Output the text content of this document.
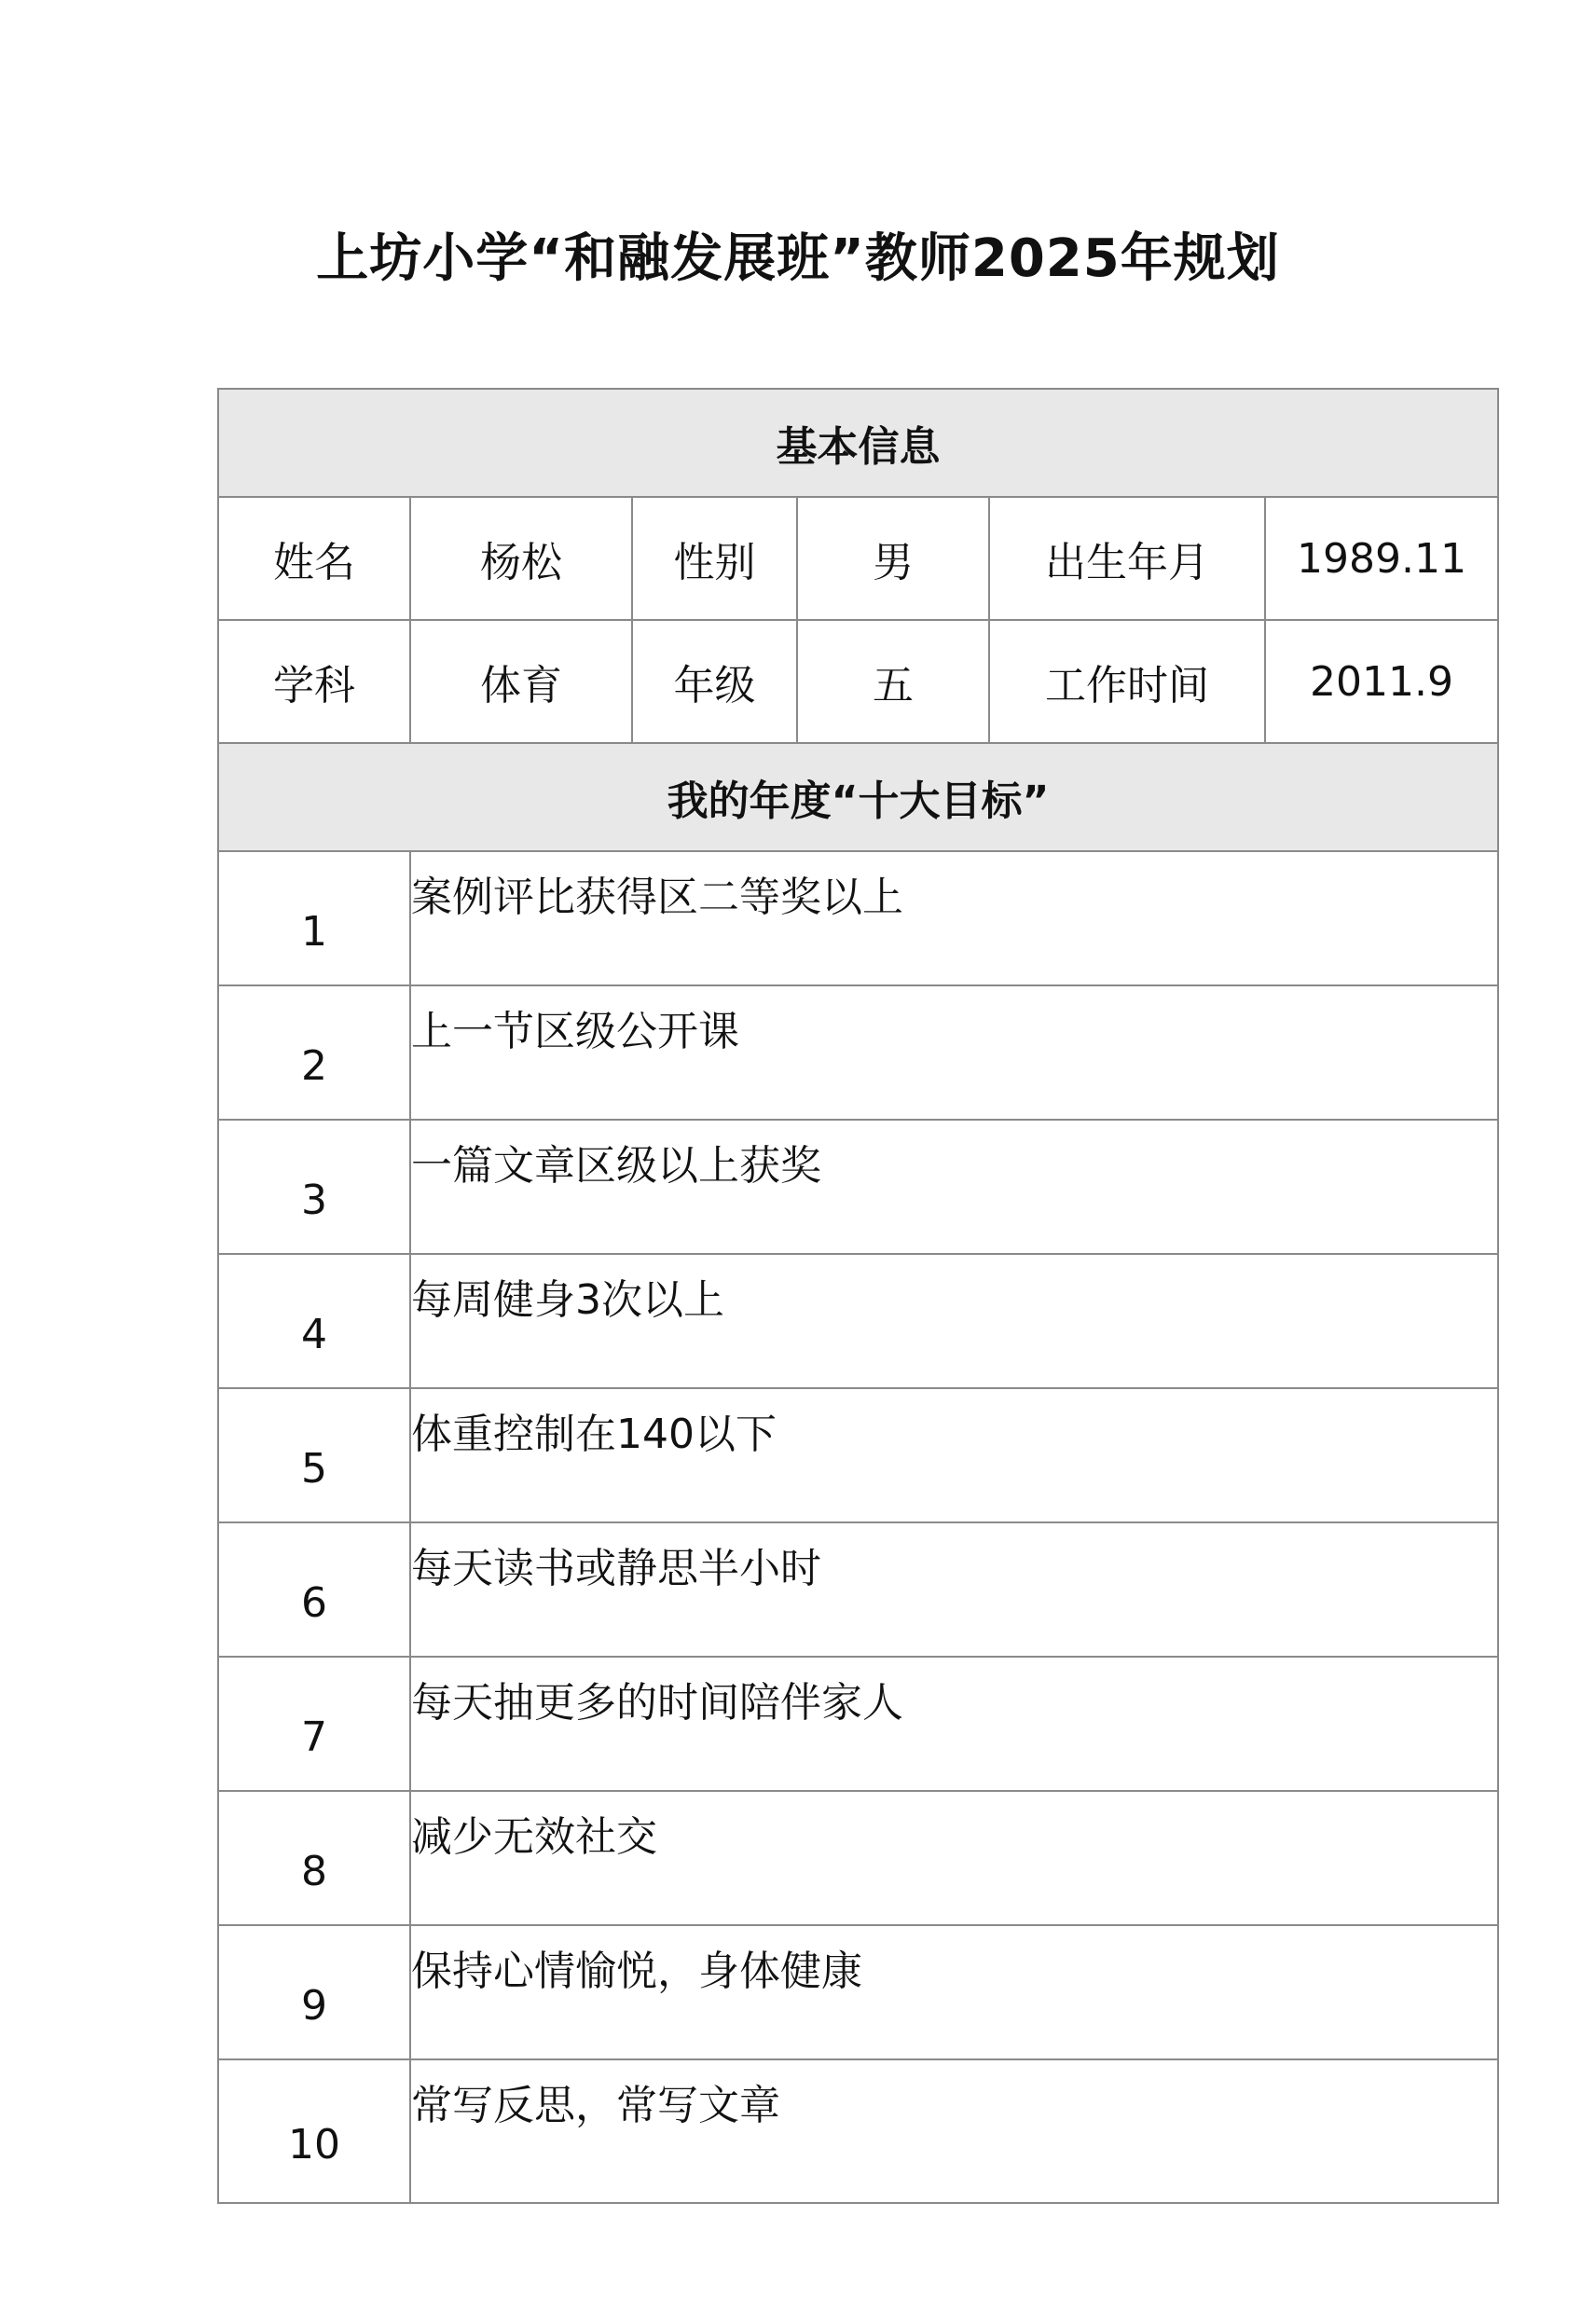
上坊小学“和融发展班”教师2025年规划
基本信息					
姓名	杨松	性别	男	出生年月	1989.11
学科	体育	年级	五	工作时间	2011.9
我的年度“十大目标”					
1	案例评比获得区二等奖以上				
2	上一节区级公开课				
3	一篇文章区级以上获奖				
4	每周健身3次以上				
5	体重控制在140以下				
6	每天读书或静思半小时				
7	每天抽更多的时间陪伴家人				
8	减少无效社交				
9	保持心情愉悦，身体健康				
10	常写反思，常写文章				
